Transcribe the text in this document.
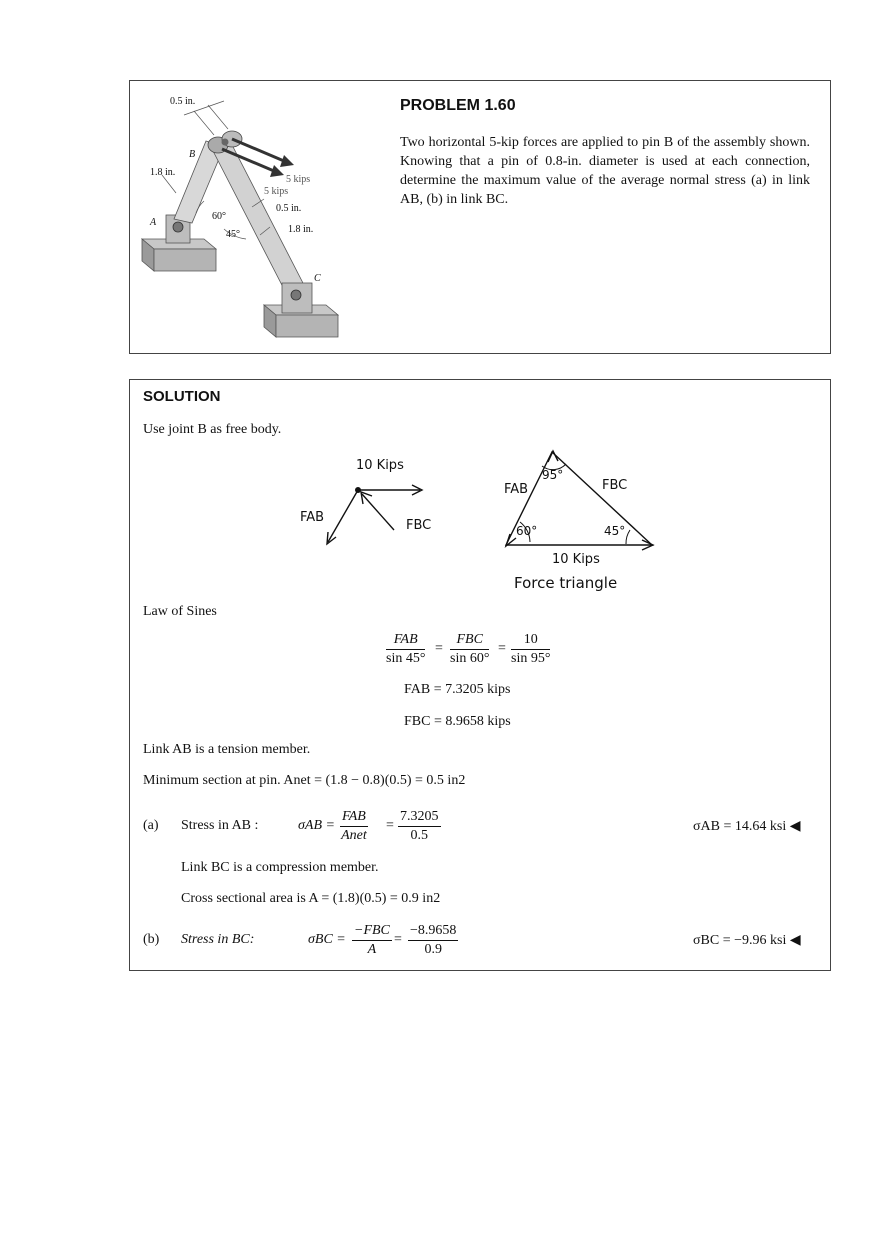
0.5 in.
B
1.8 in.
5 kips
5 kips
0.5 in.
60°
A
1.8 in.
45°
C
PROBLEM 1.60
Two horizontal 5-kip forces are applied to pin B of the assembly shown. Knowing that a pin of 0.8-in. diameter is used at each connection, determine the maximum value of the average normal stress (a) in link AB, (b) in link BC.
SOLUTION
Use joint B as free body.
10 Kips
FAB
FBC
FAB	FBC
95°
60°	45°
10 Kips
Force triangle
Law of Sines
FAB
sin 45°
=
FBC
sin 60°
= $\frac{10}{\sin 95^\circ}$
FAB = 7.3205 kips
FBC = 8.9658 kips
Link AB is a tension member.
Minimum section at pin. Anet = (1.8 − 0.8)(0.5) = 0.5 in2
(a) Stress in AB :	σAB =
FAB
Anet
= $\frac{7.3205}{0.5}$	σAB = 14.64 ksi ◀
Link BC is a compression member.
Cross sectional area is A = (1.8)(0.5) = 0.9 in2
(b) Stress in BC:	σBC =
−FBC
A
= $\frac{-8.9658}{0.9}$	σBC = −9.96 ksi ◀
